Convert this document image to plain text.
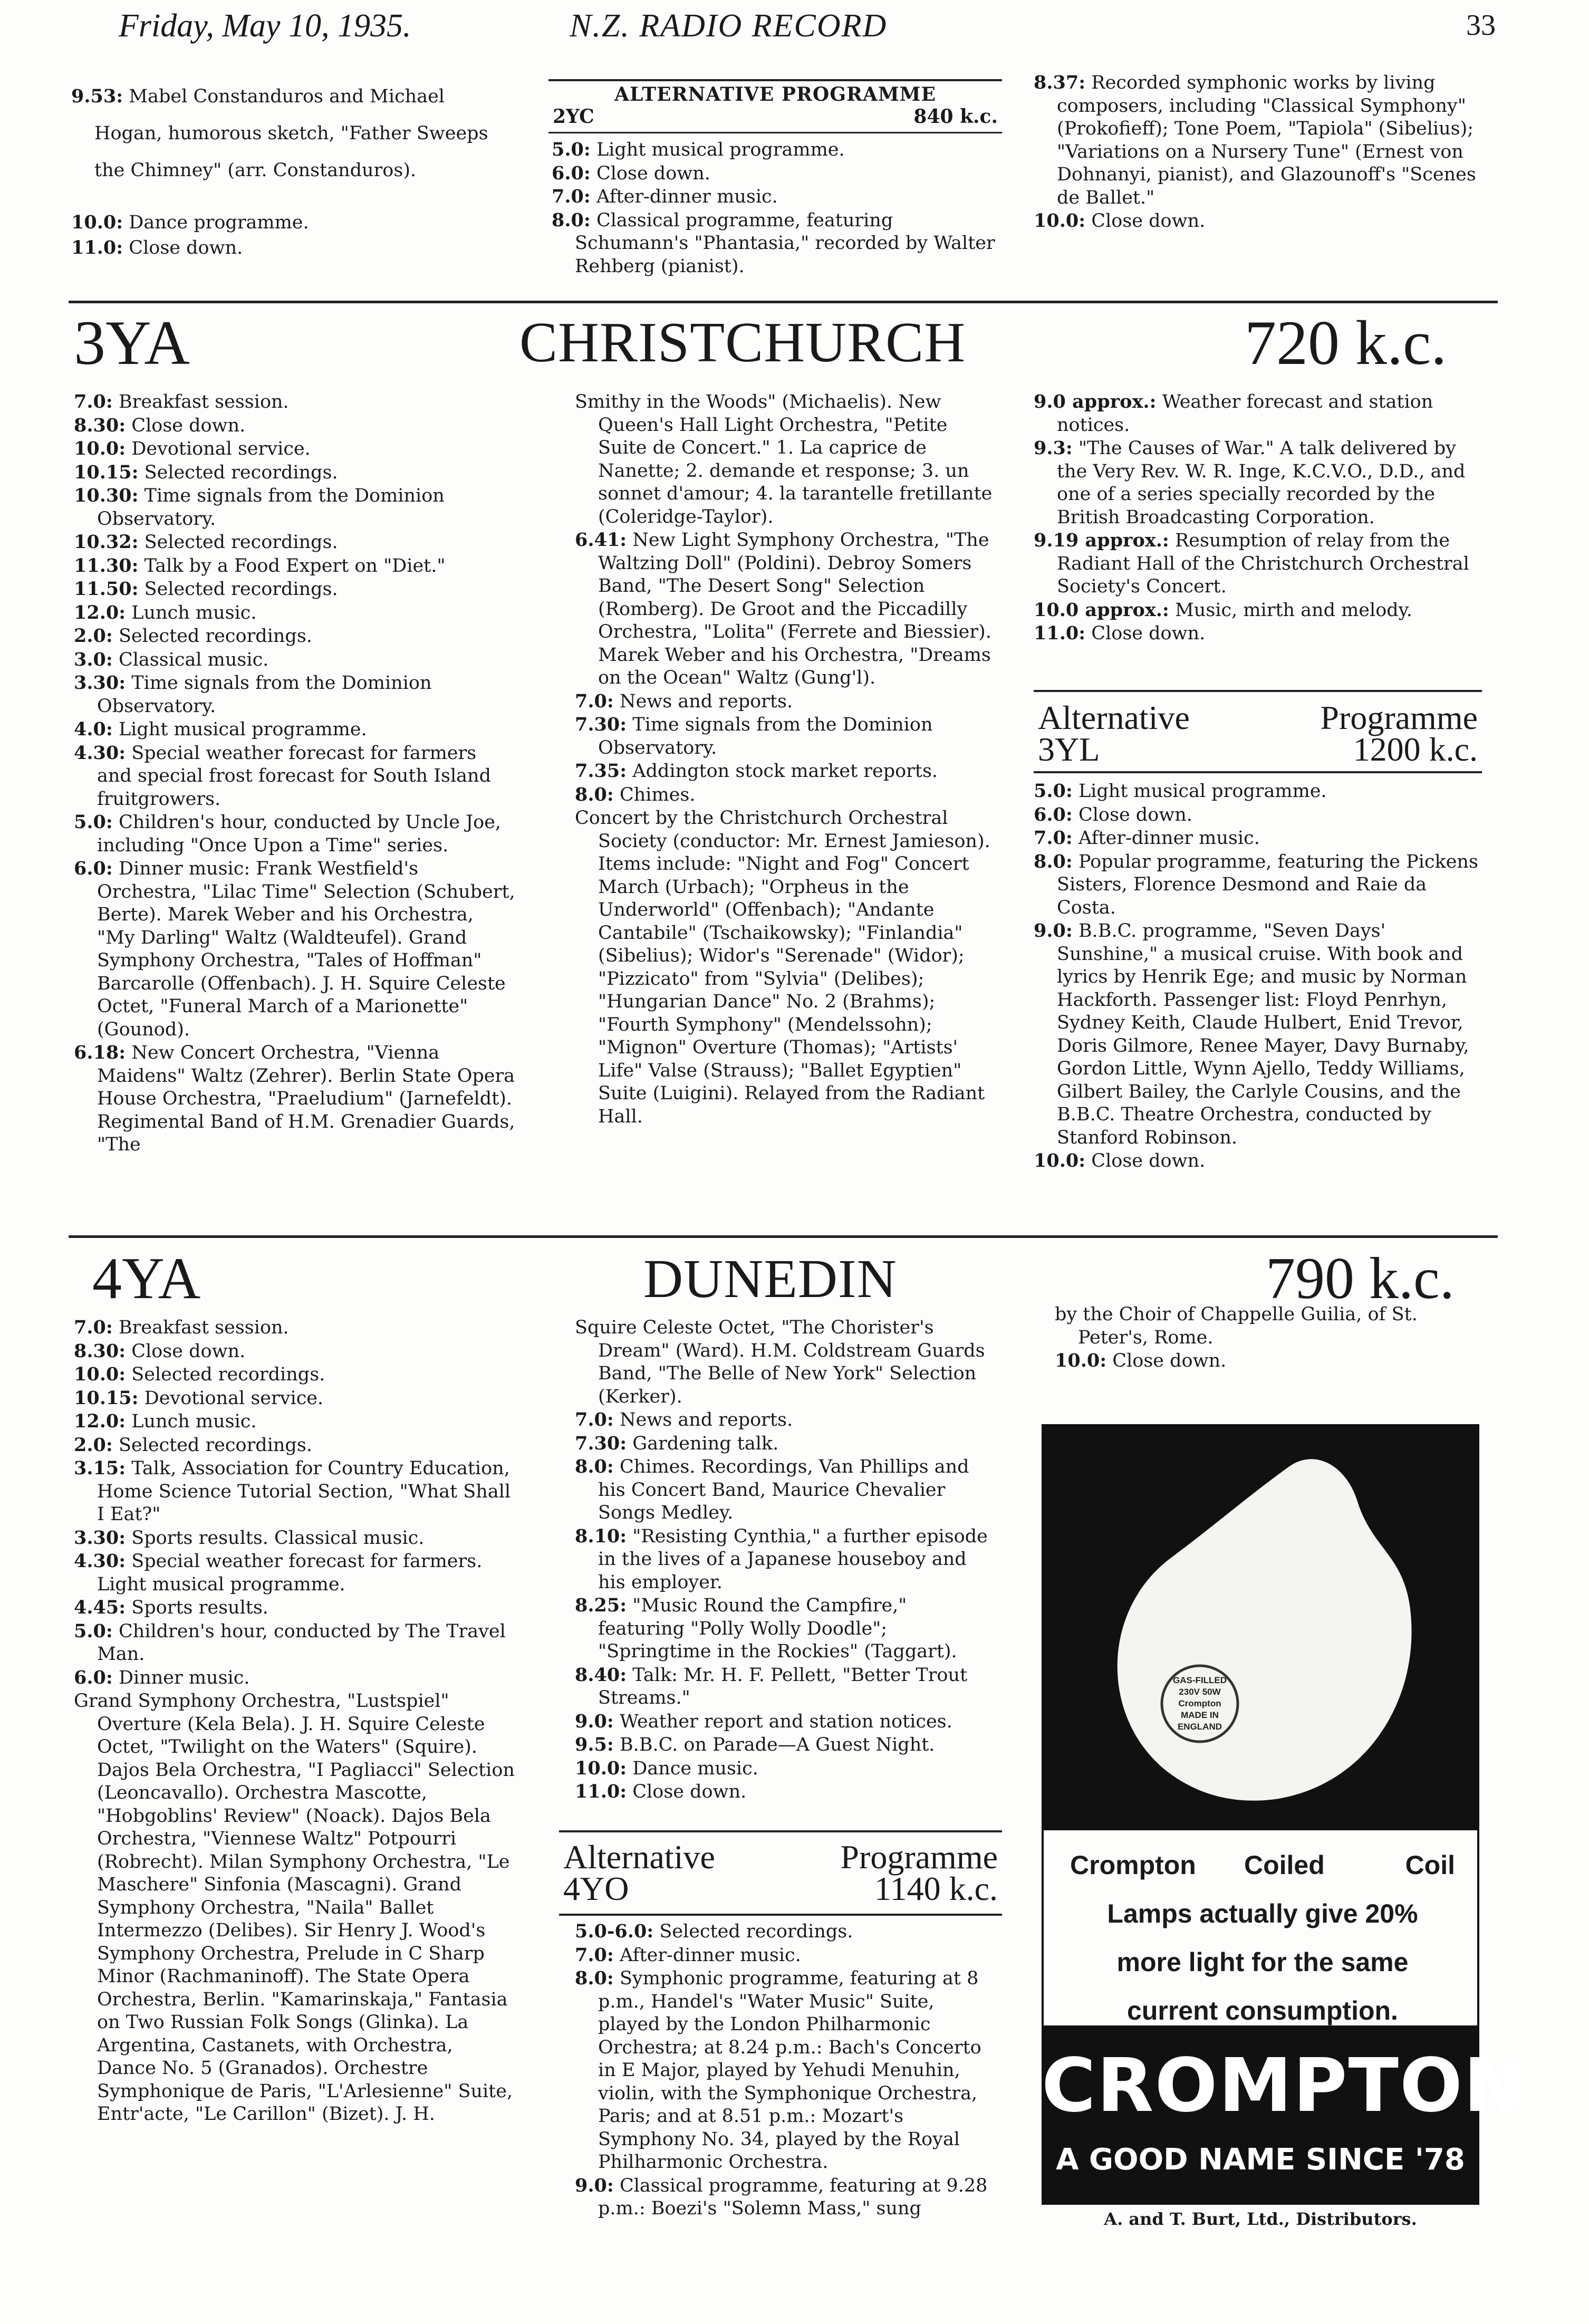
Friday, May 10, 1935.	N.Z. RADIO RECORD	33

9.53: Mabel Constanduros and Michael Hogan, humorous sketch, "Father Sweeps the Chimney" (arr. Constanduros).

10.0: Dance programme.

11.0: Close down.

ALTERNATIVE PROGRAMME
2YC	840 k.c.

5.0: Light musical programme.

6.0: Close down.

7.0: After-dinner music.

8.0: Classical programme, featuring Schumann's "Phantasia," recorded by Walter Rehberg (pianist).

8.37: Recorded symphonic works by living composers, including "Classical Symphony" (Prokofieff); Tone Poem, "Tapiola" (Sibelius); "Variations on a Nursery Tune" (Ernest von Dohnanyi, pianist), and Glazounoff's "Scenes de Ballet."

10.0: Close down.

3YA	CHRISTCHURCH	720 k.c.

7.0: Breakfast session.

8.30: Close down.

10.0: Devotional service.

10.15: Selected recordings.

10.30: Time signals from the Dominion Observatory.

10.32: Selected recordings.

11.30: Talk by a Food Expert on "Diet."

11.50: Selected recordings.

12.0: Lunch music.

2.0: Selected recordings.

3.0: Classical music.

3.30: Time signals from the Dominion Observatory.

4.0: Light musical programme.

4.30: Special weather forecast for farmers and special frost forecast for South Island fruitgrowers.

5.0: Children's hour, conducted by Uncle Joe, including "Once Upon a Time" series.

6.0: Dinner music: Frank Westfield's Orchestra, "Lilac Time" Selection (Schubert, Berte). Marek Weber and his Orchestra, "My Darling" Waltz (Waldteufel). Grand Symphony Orchestra, "Tales of Hoffman" Barcarolle (Offenbach). J. H. Squire Celeste Octet, "Funeral March of a Marionette" (Gounod).

6.18: New Concert Orchestra, "Vienna Maidens" Waltz (Zehrer). Berlin State Opera House Orchestra, "Praeludium" (Jarnefeldt). Regimental Band of H.M. Grenadier Guards, "The

Smithy in the Woods" (Michaelis). New Queen's Hall Light Orchestra, "Petite Suite de Concert." 1. La caprice de Nanette; 2. demande et response; 3. un sonnet d'amour; 4. la tarantelle fretillante (Coleridge-Taylor).

6.41: New Light Symphony Orchestra, "The Waltzing Doll" (Poldini). Debroy Somers Band, "The Desert Song" Selection (Romberg). De Groot and the Piccadilly Orchestra, "Lolita" (Ferrete and Biessier). Marek Weber and his Orchestra, "Dreams on the Ocean" Waltz (Gung'l).

7.0: News and reports.

7.30: Time signals from the Dominion Observatory.

7.35: Addington stock market reports.

8.0: Chimes.

Concert by the Christchurch Orchestral Society (conductor: Mr. Ernest Jamieson). Items include: "Night and Fog" Concert March (Urbach); "Orpheus in the Underworld" (Offenbach); "Andante Cantabile" (Tschaikowsky); "Finlandia" (Sibelius); Widor's "Serenade" (Widor); "Pizzicato" from "Sylvia" (Delibes); "Hungarian Dance" No. 2 (Brahms); "Fourth Symphony" (Mendelssohn); "Mignon" Overture (Thomas); "Artists' Life" Valse (Strauss); "Ballet Egyptien" Suite (Luigini). Relayed from the Radiant Hall.

9.0 approx.: Weather forecast and station notices.

9.3: "The Causes of War." A talk delivered by the Very Rev. W. R. Inge, K.C.V.O., D.D., and one of a series specially recorded by the British Broadcasting Corporation.

9.19 approx.: Resumption of relay from the Radiant Hall of the Christchurch Orchestral Society's Concert.

10.0 approx.: Music, mirth and melody.

11.0: Close down.

Alternative	Programme
3YL	1200 k.c.

5.0: Light musical programme.

6.0: Close down.

7.0: After-dinner music.

8.0: Popular programme, featuring the Pickens Sisters, Florence Desmond and Raie da Costa.

9.0: B.B.C. programme, "Seven Days' Sunshine," a musical cruise. With book and lyrics by Henrik Ege; and music by Norman Hackforth. Passenger list: Floyd Penrhyn, Sydney Keith, Claude Hulbert, Enid Trevor, Doris Gilmore, Renee Mayer, Davy Burnaby, Gordon Little, Wynn Ajello, Teddy Williams, Gilbert Bailey, the Carlyle Cousins, and the B.B.C. Theatre Orchestra, conducted by Stanford Robinson.

10.0: Close down.

4YA	DUNEDIN	790 k.c.

7.0: Breakfast session.

8.30: Close down.

10.0: Selected recordings.

10.15: Devotional service.

12.0: Lunch music.

2.0: Selected recordings.

3.15: Talk, Association for Country Education, Home Science Tutorial Section, "What Shall I Eat?"

3.30: Sports results. Classical music.

4.30: Special weather forecast for farmers. Light musical programme.

4.45: Sports results.

5.0: Children's hour, conducted by The Travel Man.

6.0: Dinner music.

Grand Symphony Orchestra, "Lustspiel" Overture (Kela Bela). J. H. Squire Celeste Octet, "Twilight on the Waters" (Squire). Dajos Bela Orchestra, "I Pagliacci" Selection (Leoncavallo). Orchestra Mascotte, "Hobgoblins' Review" (Noack). Dajos Bela Orchestra, "Viennese Waltz" Potpourri (Robrecht). Milan Symphony Orchestra, "Le Maschere" Sinfonia (Mascagni). Grand Symphony Orchestra, "Naila" Ballet Intermezzo (Delibes). Sir Henry J. Wood's Symphony Orchestra, Prelude in C Sharp Minor (Rachmaninoff). The State Opera Orchestra, Berlin. "Kamarinskaja," Fantasia on Two Russian Folk Songs (Glinka). La Argentina, Castanets, with Orchestra, Dance No. 5 (Granados). Orchestre Symphonique de Paris, "L'Arlesienne" Suite, Entr'acte, "Le Carillon" (Bizet). J. H.

Squire Celeste Octet, "The Chorister's Dream" (Ward). H.M. Coldstream Guards Band, "The Belle of New York" Selection (Kerker).

7.0: News and reports.

7.30: Gardening talk.

8.0: Chimes. Recordings, Van Phillips and his Concert Band, Maurice Chevalier Songs Medley.

8.10: "Resisting Cynthia," a further episode in the lives of a Japanese houseboy and his employer.

8.25: "Music Round the Campfire," featuring "Polly Wolly Doodle"; "Springtime in the Rockies" (Taggart).

8.40: Talk: Mr. H. F. Pellett, "Better Trout Streams."

9.0: Weather report and station notices.

9.5: B.B.C. on Parade—A Guest Night.

10.0: Dance music.

11.0: Close down.

Alternative	Programme
4YO	1140 k.c.

5.0-6.0: Selected recordings.

7.0: After-dinner music.

8.0: Symphonic programme, featuring at 8 p.m., Handel's "Water Music" Suite, played by the London Philharmonic Orchestra; at 8.24 p.m.: Bach's Concerto in E Major, played by Yehudi Menuhin, violin, with the Symphonique Orchestra, Paris; and at 8.51 p.m.: Mozart's Symphony No. 34, played by the Royal Philharmonic Orchestra.

9.0: Classical programme, featuring at 9.28 p.m.: Boezi's "Solemn Mass," sung

by the Choir of Chappelle Guilia, of St. Peter's, Rome.

10.0: Close down.

GAS-FILLED 230V 50W Crompton MADE IN ENGLAND
Crompton Coiled	Coil
Lamps actually give 20%
more light for the same
current consumption.
CROMPTON
A GOOD NAME SINCE '78
A. and T. Burt, Ltd., Distributors.
